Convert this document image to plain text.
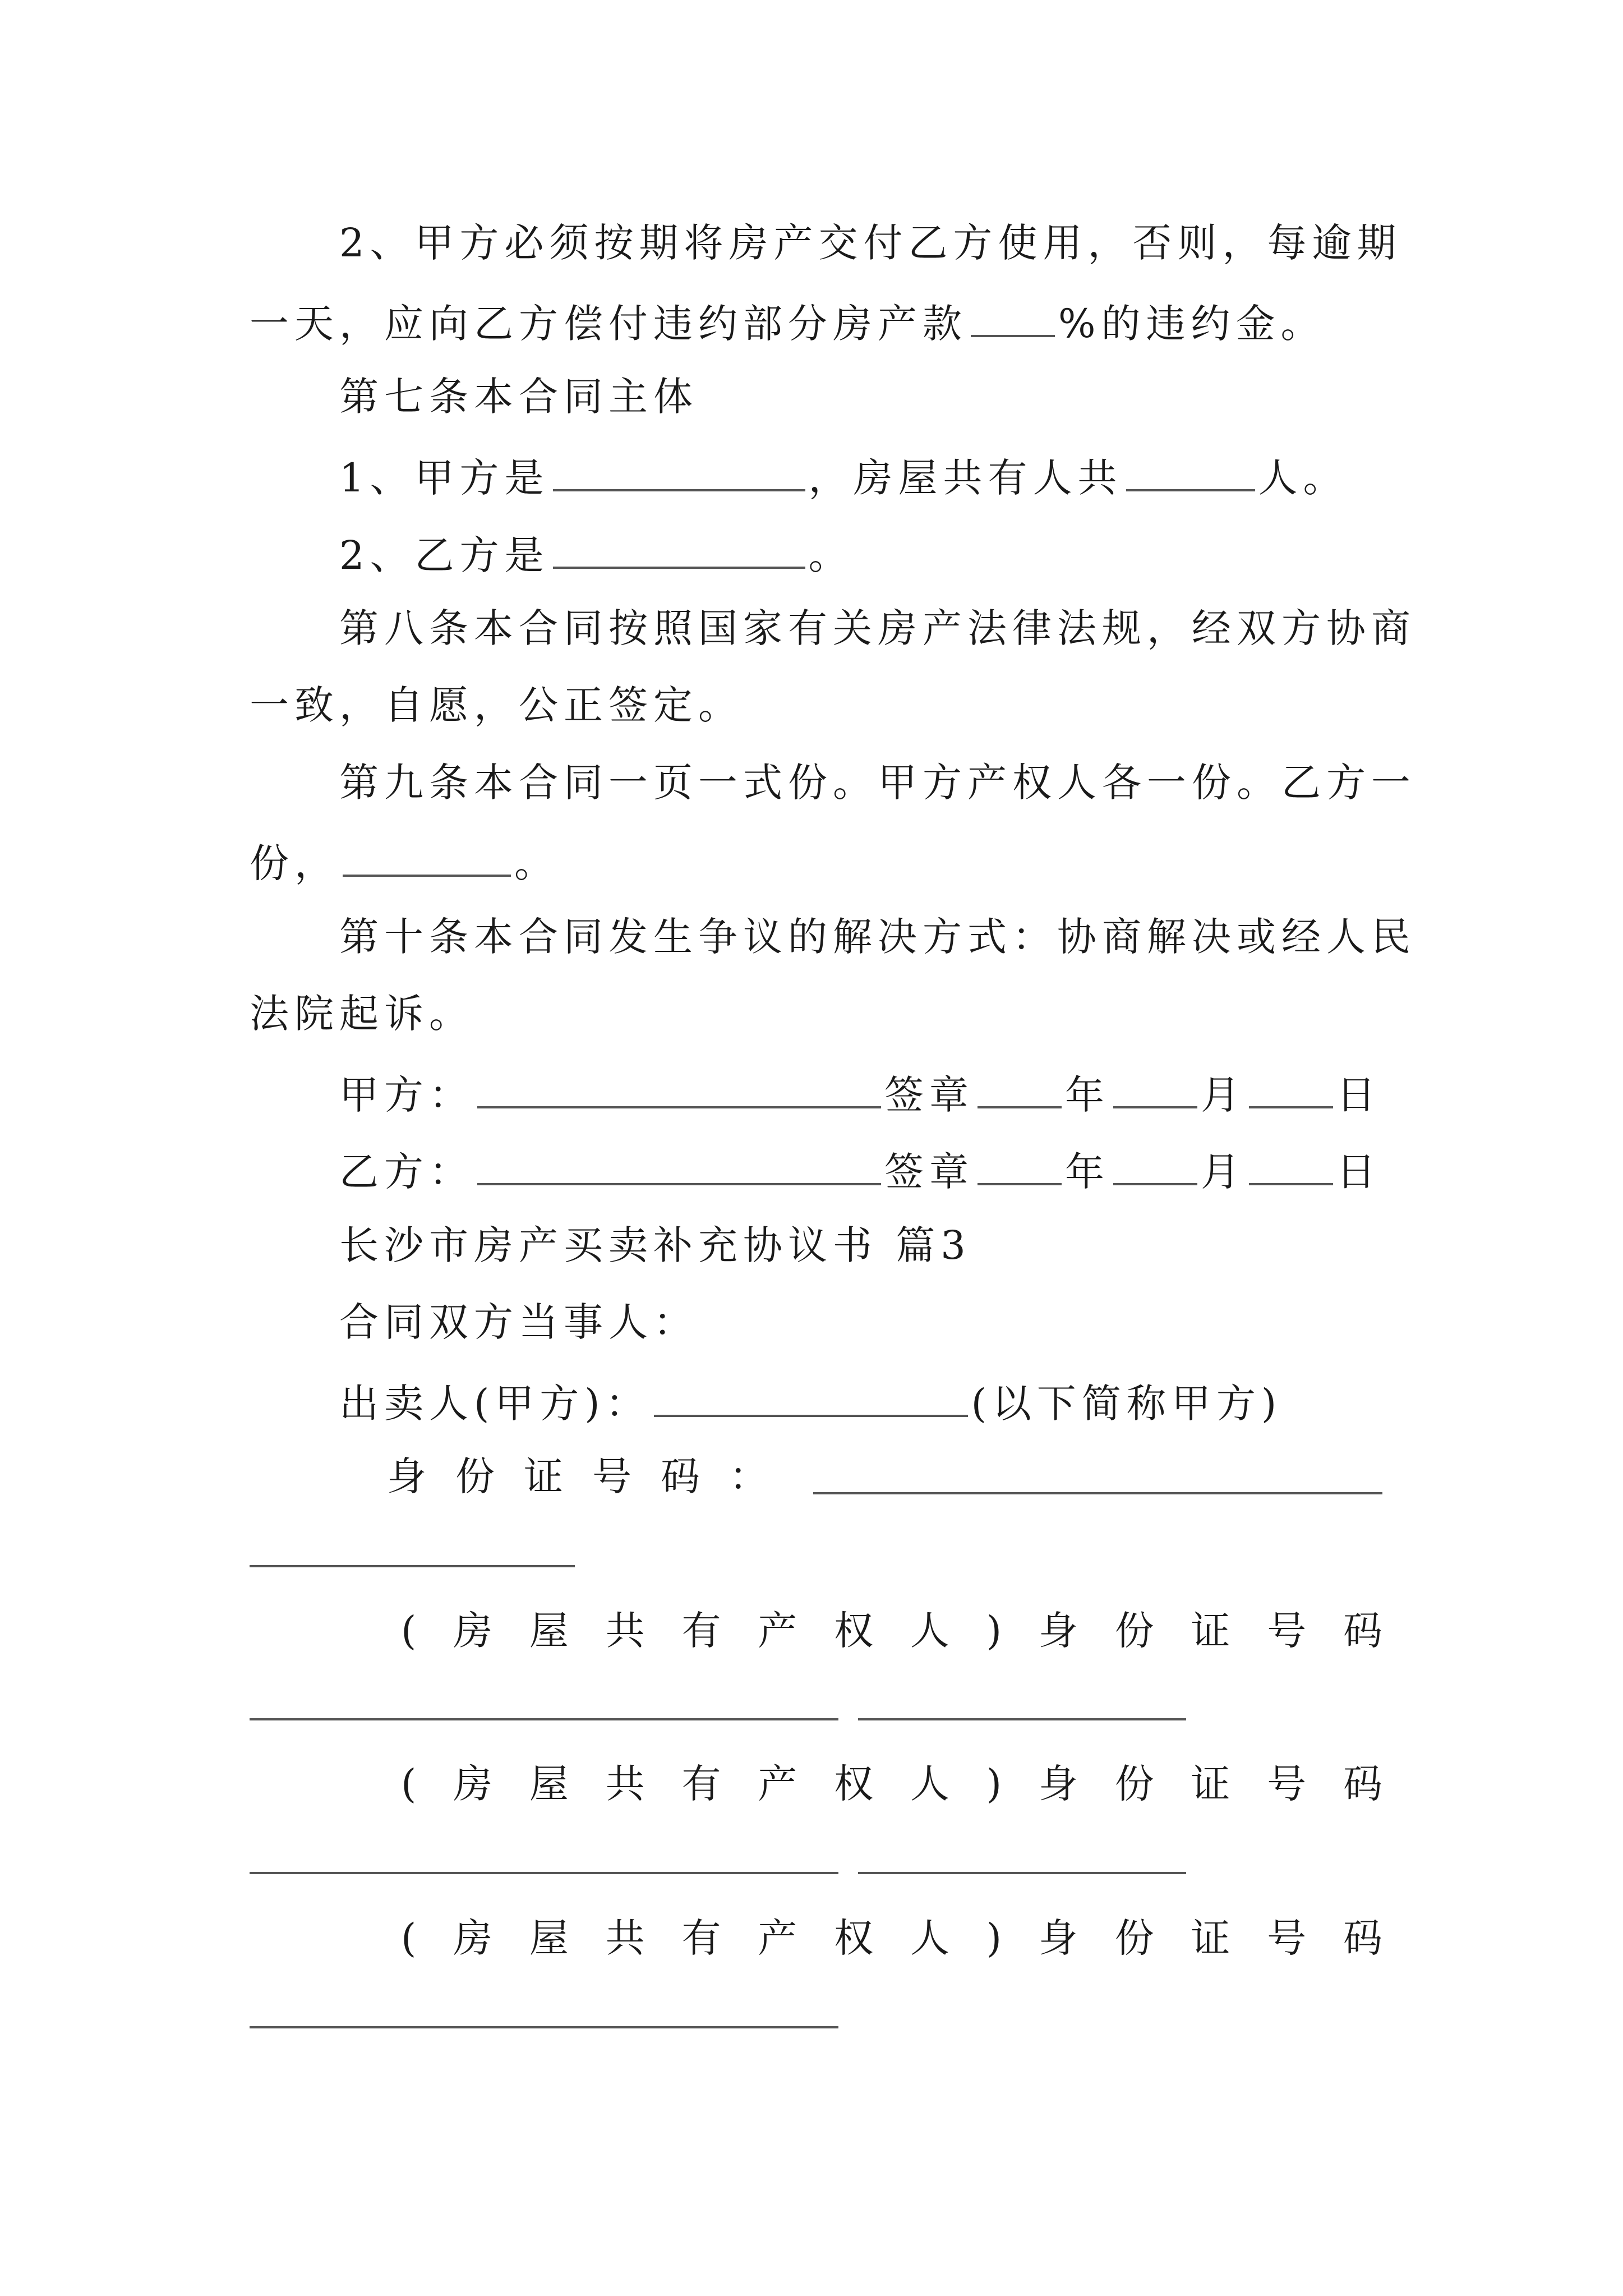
2、甲方必须按期将房产交付乙方使用，否则，每逾期
一天，应向乙方偿付违约部分房产款 %的违约金。
第七条本合同主体
1、甲方是	，房屋共有人共	人。
2、乙方是	。
第八条本合同按照国家有关房产法律法规，经双方协商
一致，自愿，公正签定。
第九条本合同一页一式份。甲方产权人各一份。乙方一
份，	。
第十条本合同发生争议的解决方式：协商解决或经人民
法院起诉。
甲方：	签章 年 月 日
乙方：	签章 年 月 日
长沙市房产买卖补充协议书 篇3
合同双方当事人：
出卖人(甲方)：	(以下简称甲方)
身 份 证 号 码 ：
( 房 屋 共 有 产 权 人 ) 身 份 证 号 码
( 房 屋 共 有 产 权 人 ) 身 份 证 号 码
( 房 屋 共 有 产 权 人 ) 身 份 证 号 码
